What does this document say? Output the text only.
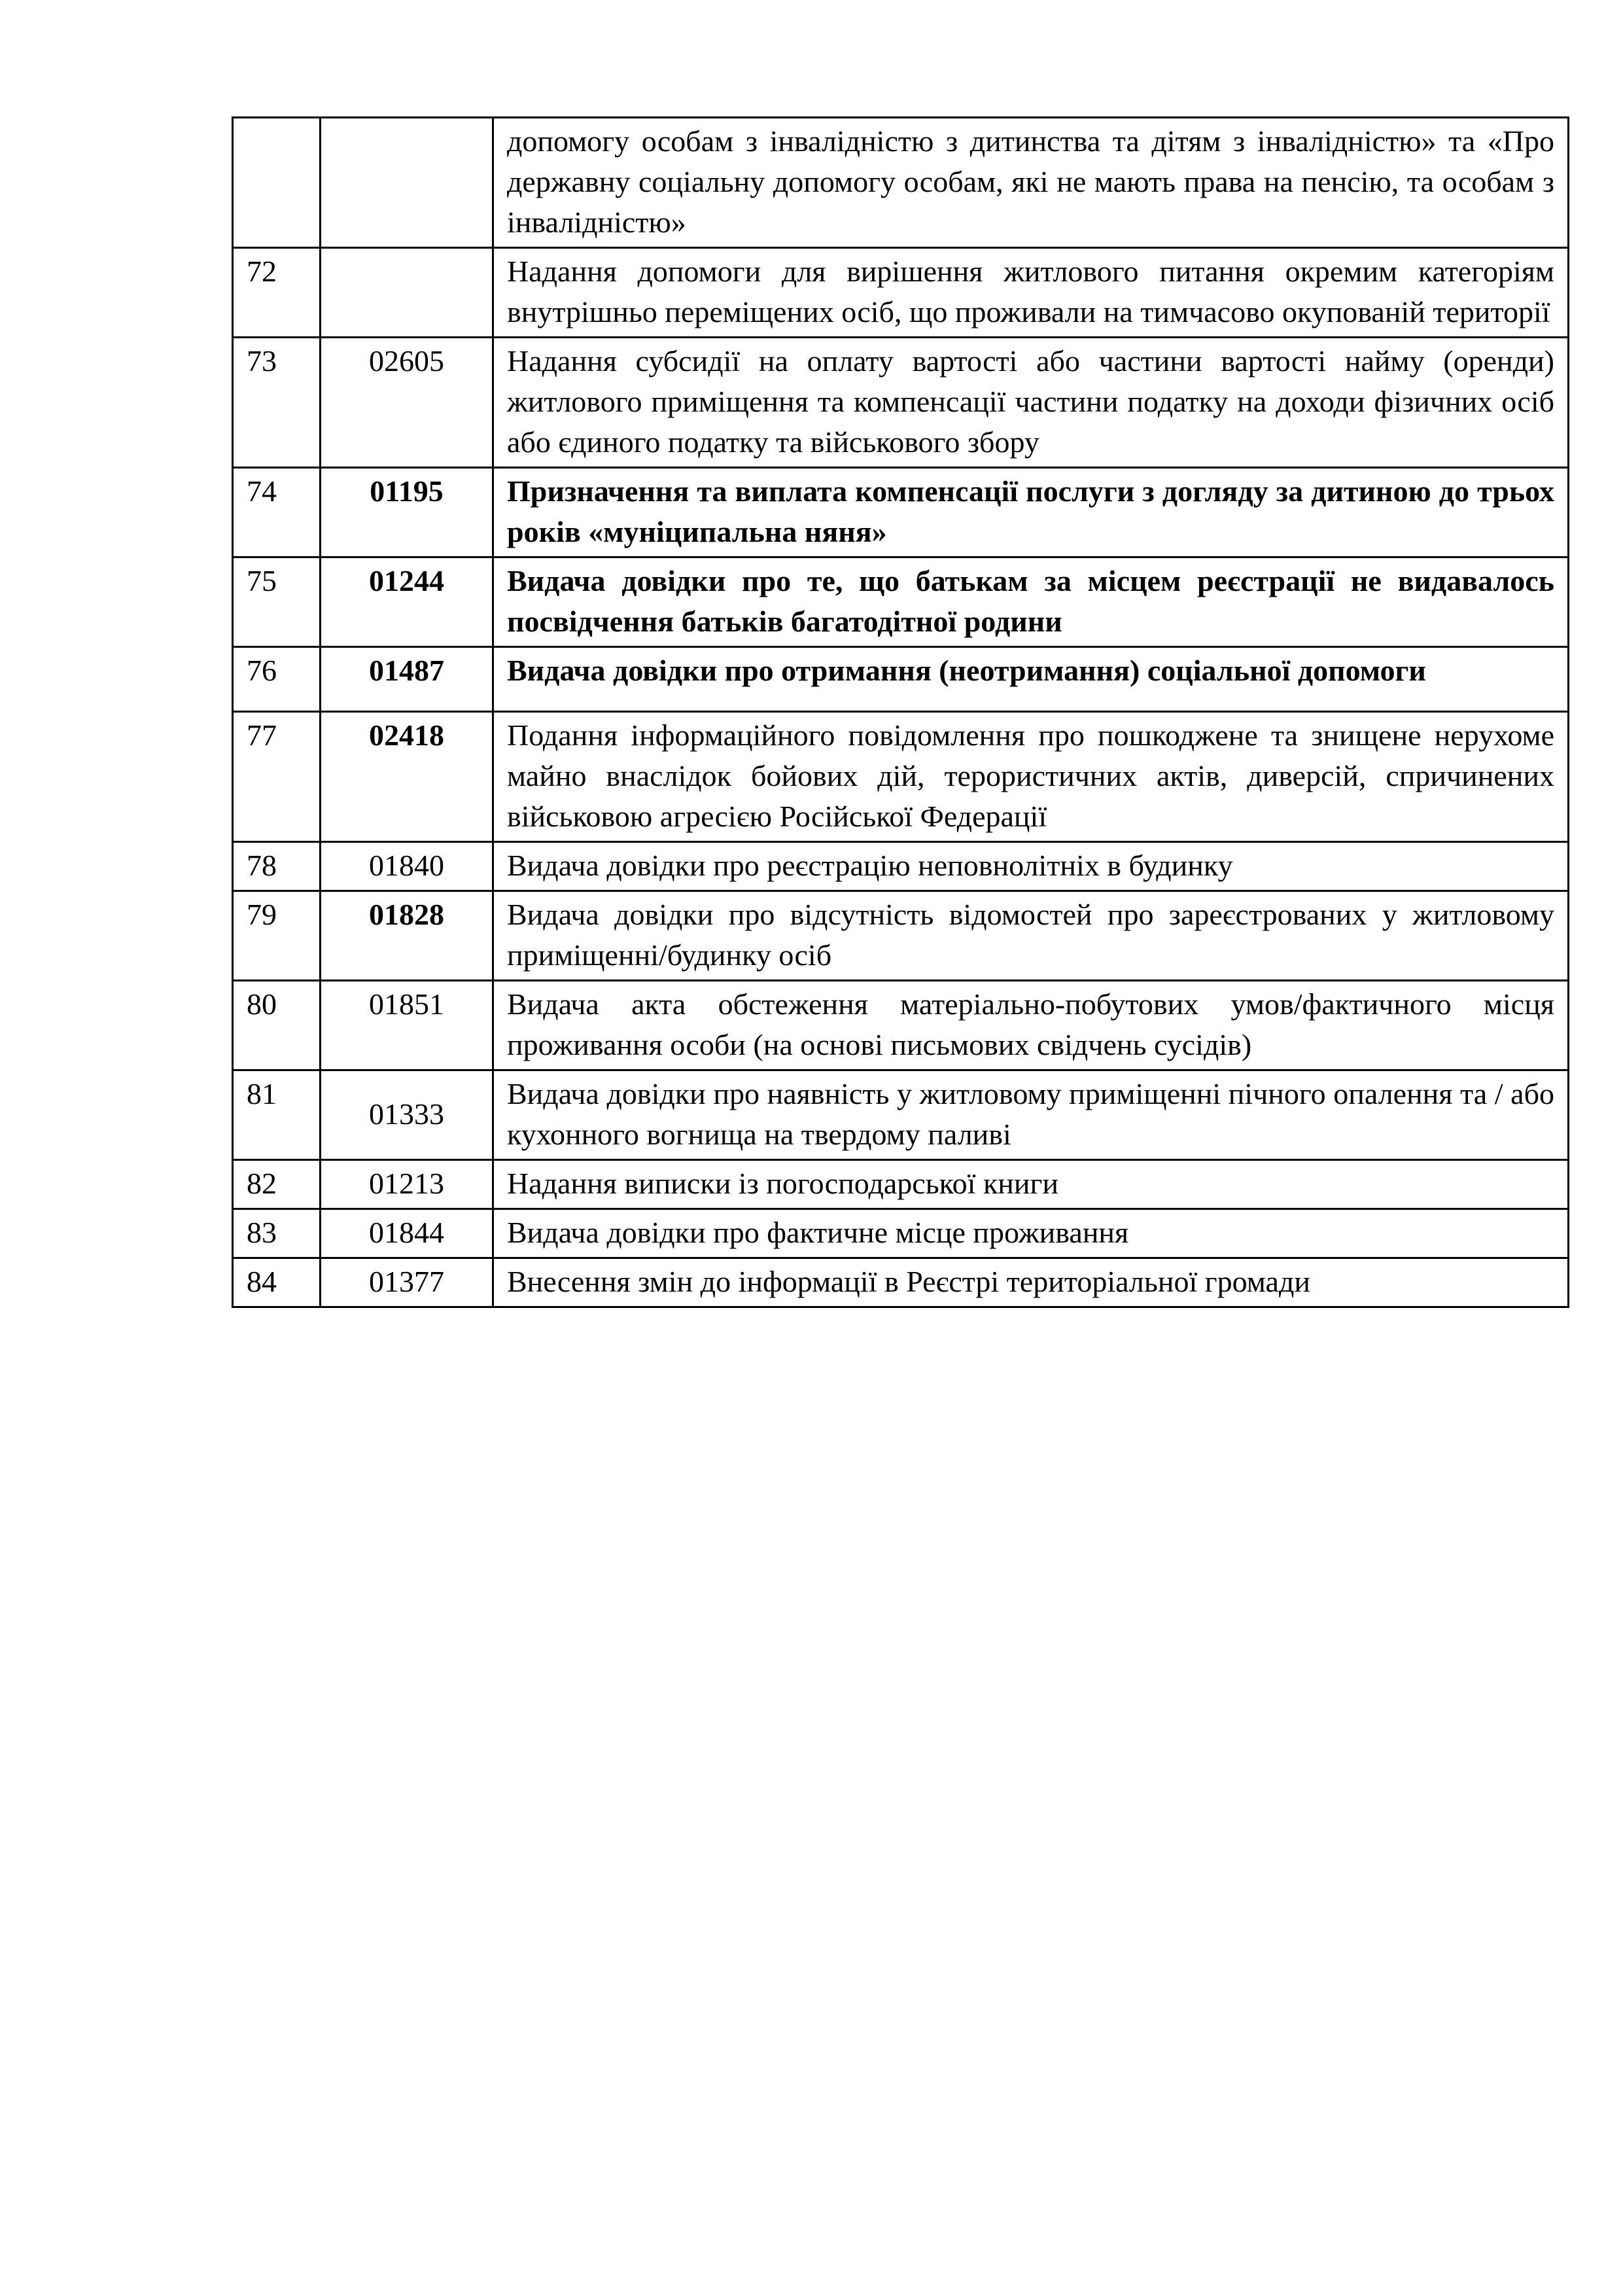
		допомогу особам з інвалідністю з дитинства та дітям з інвалідністю» та «Про державну соціальну допомогу особам, які не мають права на пенсію, та особам з інвалідністю»
72		Надання допомоги для вирішення житлового питання окремим категоріям внутрішньо переміщених осіб, що проживали на тимчасово окупованій території
73	02605	Надання субсидії на оплату вартості або частини вартості найму (оренди) житлового приміщення та компенсації частини податку на доходи фізичних осіб або єдиного податку та військового збору
74	01195	Призначення та виплата компенсації послуги з догляду за дитиною до трьох років «муніципальна няня»
75	01244	Видача довідки про те, що батькам за місцем реєстрації не видавалось посвідчення батьків багатодітної родини
76	01487	Видача довідки про отримання (неотримання) соціальної допомоги
77	02418	Подання інформаційного повідомлення про пошкоджене та знищене нерухоме майно внаслідок бойових дій, терористичних актів, диверсій, спричинених військовою агресією Російської Федерації
78	01840	Видача довідки про реєстрацію неповнолітніх в будинку
79	01828	Видача довідки про відсутність відомостей про зареєстрованих у житловому приміщенні/будинку осіб
80	01851	Видача акта обстеження матеріально-побутових умов/фактичного місця проживання особи (на основі письмових свідчень сусідів)
81	01333	Видача довідки про наявність у житловому приміщенні пічного опалення та / або кухонного вогнища на твердому паливі
82	01213	Надання виписки із погосподарської книги
83	01844	Видача довідки про фактичне місце проживання
84	01377	Внесення змін до інформації в Реєстрі територіальної громади
